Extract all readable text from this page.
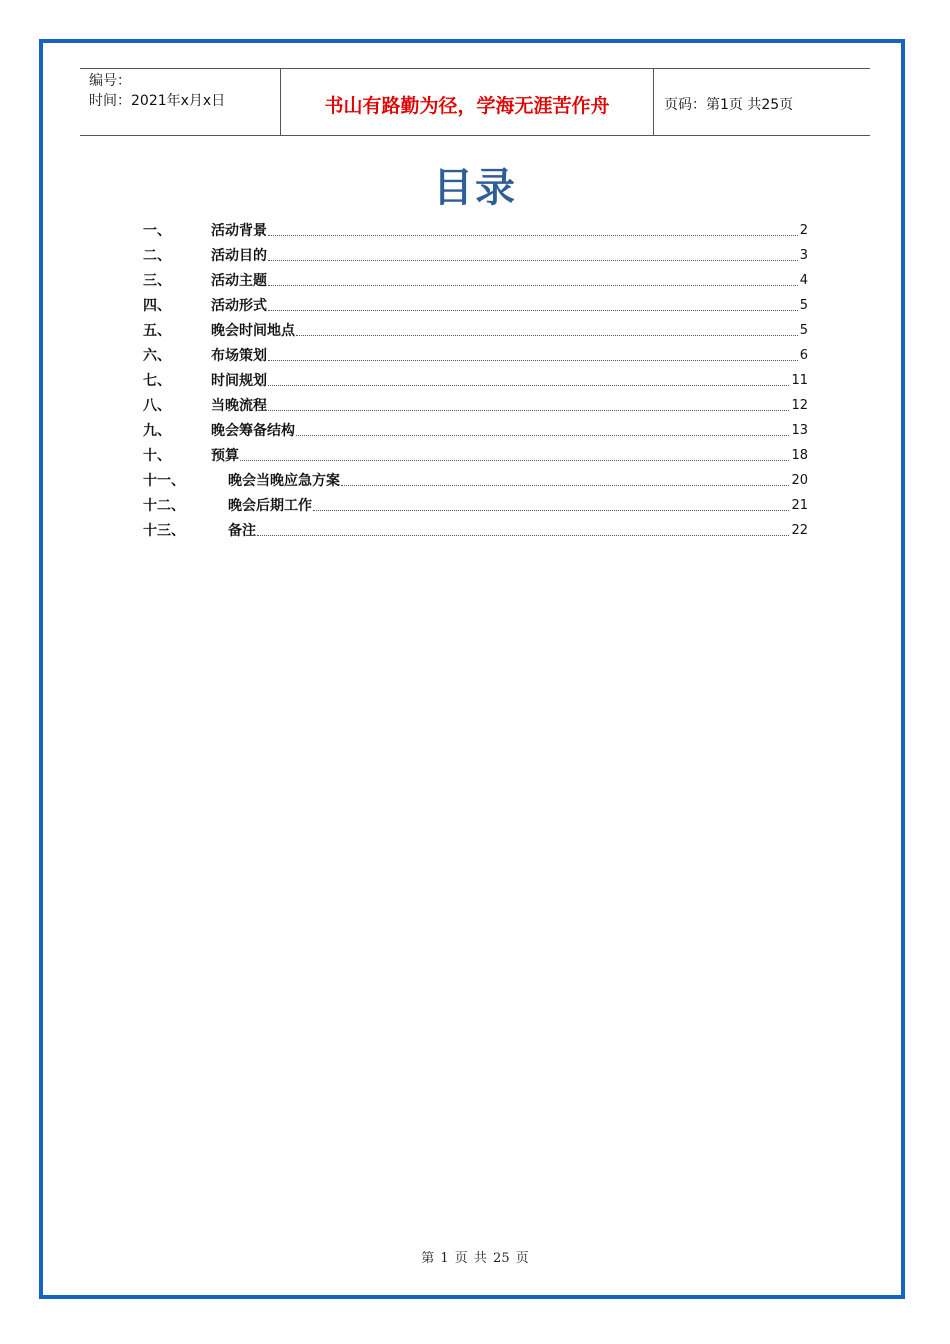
编号：
时间：2021年x月x日	书山有路勤为径，学海无涯苦作舟	页码：第1页 共25页
目录
一、	活动背景	2
二、	活动目的	3
三、	活动主题	4
四、	活动形式	5
五、	晚会时间地点	5
六、	布场策划	6
七、	时间规划	11
八、	当晚流程	12
九、	晚会筹备结构	13
十、	预算	18
十一、	晚会当晚应急方案	20
十二、	晚会后期工作	21
十三、	备注	22
第 1 页 共 25 页
